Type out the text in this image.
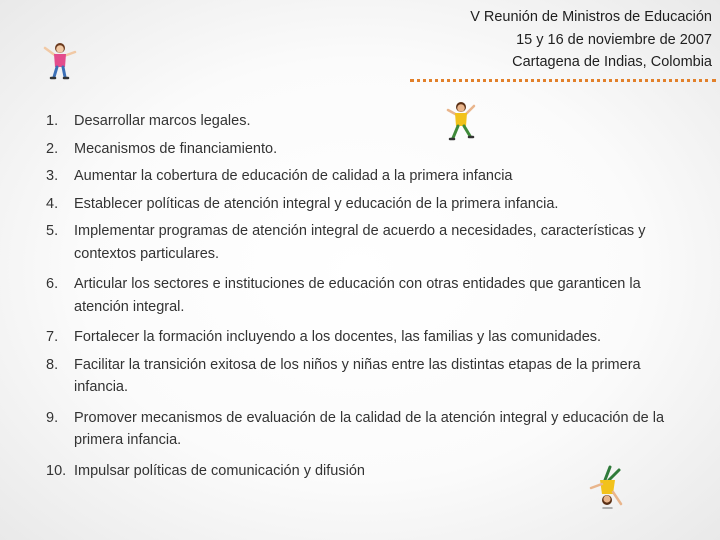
V Reunión de Ministros de Educación
15 y 16 de noviembre de 2007
Cartagena de Indias, Colombia
1. Desarrollar marcos legales.
2. Mecanismos de financiamiento.
3. Aumentar la cobertura de educación de calidad a la primera infancia
4. Establecer políticas de atención integral y educación de la primera infancia.
5. Implementar programas de atención integral de acuerdo a necesidades, características y contextos particulares.
6. Articular los sectores e instituciones de educación con otras entidades que garanticen la atención integral.
7. Fortalecer la formación incluyendo a los docentes, las familias y las comunidades.
8. Facilitar la transición exitosa de los niños y niñas entre las distintas etapas de la primera infancia.
9. Promover mecanismos de evaluación de la calidad de la atención integral y educación de la primera infancia.
10. Impulsar políticas de comunicación y difusión
